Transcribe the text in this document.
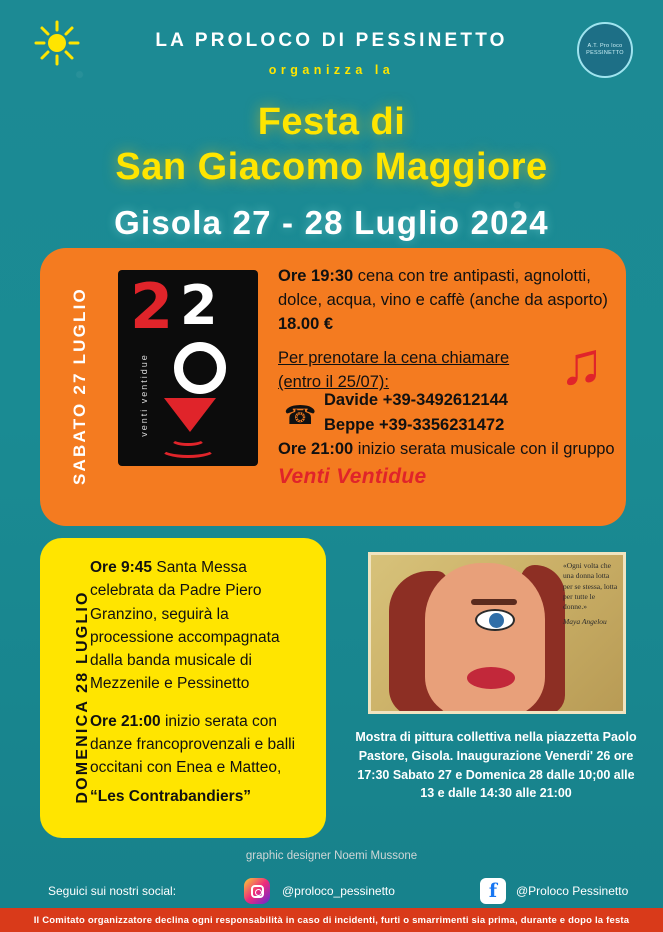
LA PROLOCO DI PESSINETTO
organizza la
A.T. Pro loco PESSINETTO
Festa di
San Giacomo Maggiore
Gisola 27 - 28 Luglio 2024
SABATO 27 LUGLIO 2 2
venti ventidue
Ore 19:30 cena con tre antipasti, agnolotti, dolce, acqua, vino e caffè (anche da asporto) 18.00 €
Per prenotare la cena chiamare
(entro il 25/07):
☎ Davide +39-3492612144
Beppe +39-3356231472
Ore 21:00 inizio serata musicale con il gruppo Venti Ventidue
♫
DOMENICA 28 LUGLIO
Ore 9:45 Santa Messa celebrata da Padre Piero Granzino, seguirà la processione accompagnata dalla banda musicale di Mezzenile e Pessinetto
Ore 21:00 inizio serata con danze francoprovenzali e balli occitani con Enea e Matteo,
“Les Contrabandiers”
«Ogni volta che una donna lotta per se stessa, lotta per tutte le donne.»
Maya Angelou
Mostra di pittura collettiva nella piazzetta Paolo Pastore, Gisola. Inaugurazione Venerdi' 26 ore 17:30 Sabato 27 e Domenica 28 dalle 10;00 alle 13 e dalle 14:30 alle 21:00
graphic designer Noemi Mussone
Seguici sui nostri social:	@proloco_pessinetto	f	@Proloco Pessinetto
Il Comitato organizzatore declina ogni responsabilità in caso di incidenti, furti o smarrimenti sia prima, durante e dopo la festa
